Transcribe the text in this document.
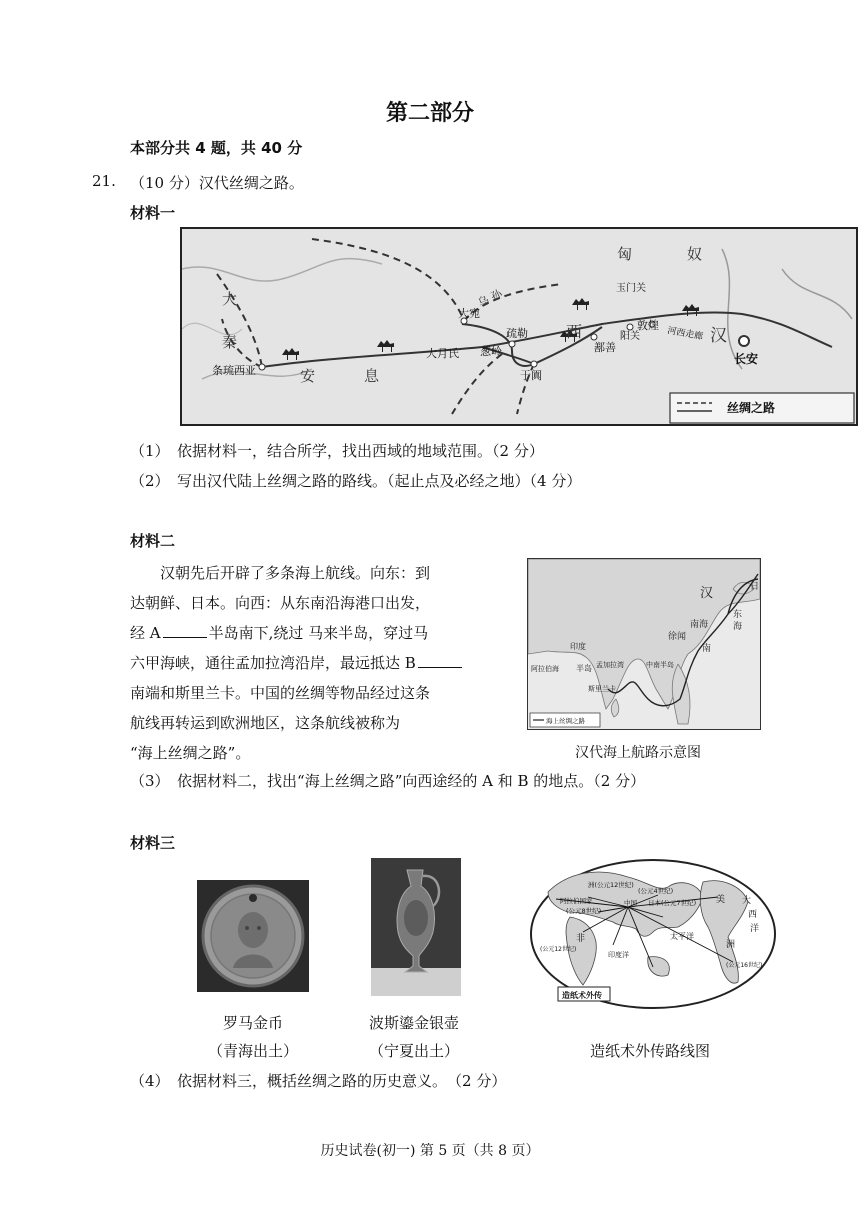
第二部分
本部分共 4 题，共 40 分
21. （10 分）汉代丝绸之路。
材料一
匈	奴
乌 孙
大
秦
安	息
大宛
疏勒
大月氏 葱岭
于阗
西
鄯善
玉门关
敦煌
阳关	河西走廊 汉
长安
条琉西亚
丝绸之路
（1）　依据材料一，结合所学，找出西域的地域范围。（2 分）
（2）　写出汉代陆上丝绸之路的路线。（起止点及必经之地）（4 分）
材料二
汉朝先后开辟了多条海上航线。向东：到
达朝鲜、日本。向西：从东南沿海港口出发，
经 A	半岛南下,绕过 马来半岛，穿过马
六甲海峡，通往孟加拉湾沿岸，最远抵达 B
南端和斯里兰卡。中国的丝绸等物品经过这条
航线再转运到欧洲地区，这条航线被称为
“海上丝绸之路”。
海上丝绸之路
汉
东
海
日
徐闻
南海
南
印度
半岛 孟加拉湾
阿拉伯海	中南半岛
斯里兰卡
汉代海上航路示意图
（3）　依据材料二，找出“海上丝绸之路”向西途经的 A 和 B 的地点。（2 分）
材料三
罗马金币
（青海出土）
波斯鎏金银壶
（宁夏出土）
造纸术外传
洲(公元12世纪)
阿拉伯国家
(公元8世纪)
中国 日本(公元7世纪)
(公元4世纪)
美 大
西
洋
洲
非
印度洋
太平洋
(公元12世纪)
(公元16世纪)
造纸术外传路线图
（4）　依据材料三，概括丝绸之路的历史意义。　（2 分）
历史试卷(初一) 第 5 页（共 8 页）
